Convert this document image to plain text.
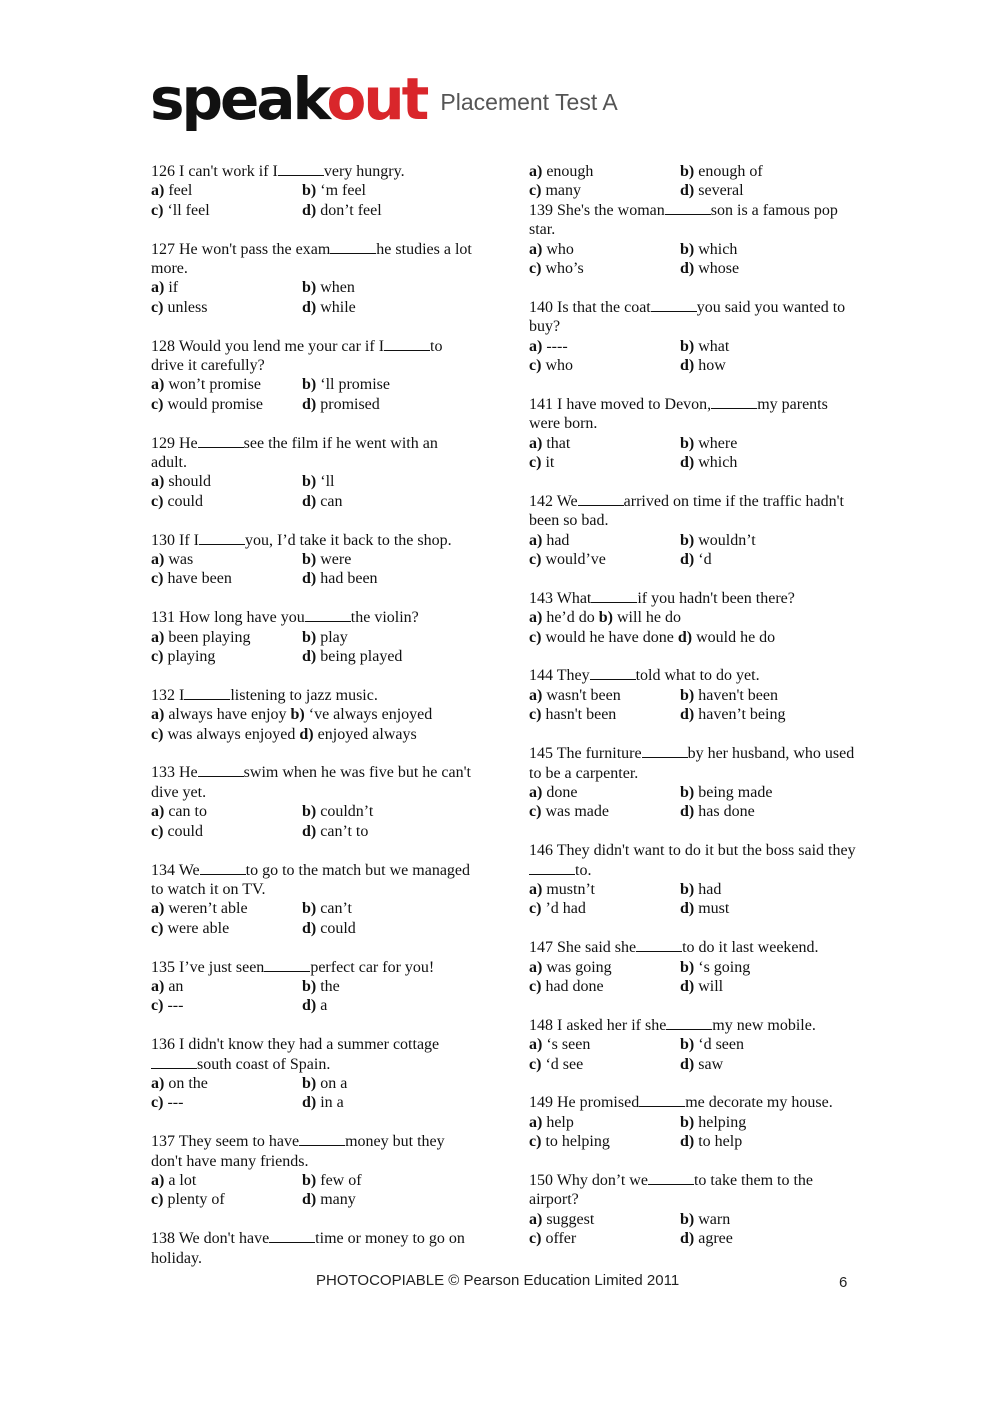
speakout Placement Test A
126 I can't work if I	very hungry.
a) feel	b) ‘m feel
c) ‘ll feel	d) don’t feel
127 He won't pass the exam	he studies a lot more.
a) if	b) when
c) unless	d) while
128 Would you lend me your car if I	to drive it carefully?
a) won’t promise	b) ‘ll promise
c) would promise	d) promised
129 He	see the film if he went with an adult.
a) should	b) ‘ll
c) could	d) can
130 If I	you, I’d take it back to the shop.
a) was	b) were
c) have been	d) had been
131 How long have you	the violin?
a) been playing	b) play
c) playing	d) being played
132 I	listening to jazz music.
a) always have enjoy b) ‘ve always enjoyed
c) was always enjoyed d) enjoyed always
133 He	swim when he was five but he can't dive yet.
a) can to	b) couldn’t
c) could	d) can’t to
134 We	to go to the match but we managed to watch it on TV.
a) weren’t able	b) can’t
c) were able	d) could
135 I’ve just seen	perfect car for you!
a) an	b) the
c) ---	d) a
136 I didn't know they had a summer cottage south coast of Spain.
a) on the	b) on a
c) ---	d) in a
137 They seem to have	money but they don't have many friends.
a) a lot	b) few of
c) plenty of	d) many
138 We don't have	time or money to go on holiday.
a) enough	b) enough of
c) many	d) several
139 She's the woman	son is a famous pop star.
a) who	b) which
c) who’s	d) whose
140 Is that the coat	you said you wanted to buy?
a) ----	b) what
c) who	d) how
141 I have moved to Devon,	my parents were born.
a) that	b) where
c) it	d) which
142 We	arrived on time if the traffic hadn't been so bad.
a) had	b) wouldn’t
c) would’ve	d) ‘d
143 What	if you hadn't been there?
a) he’d do b) will he do
c) would he have done d) would he do
144 They	told what to do yet.
a) wasn't been	b) haven't been
c) hasn't been	d) haven’t being
145 The furniture	by her husband, who used to be a carpenter.
a) done	b) being made
c) was made	d) has done
146 They didn't want to do it but the boss said theyto.
a) mustn’t	b) had
c) ’d had	d) must
147 She said she	to do it last weekend.
a) was going	b) ‘s going
c) had done	d) will
148 I asked her if she	my new mobile.
a) ‘s seen	b) ‘d seen
c) ‘d see	d) saw
149 He promised	me decorate my house.
a) help	b) helping
c) to helping	d) to help
150 Why don’t we	to take them to the airport?
a) suggest	b) warn
c) offer	d) agree
PHOTOCOPIABLE © Pearson Education Limited 2011	6
